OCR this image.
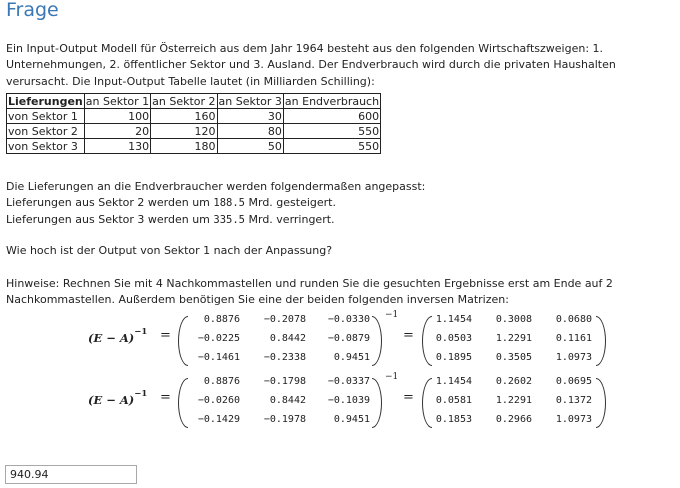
Frage

Ein Input-Output Modell für Österreich aus dem Jahr 1964 besteht aus den folgenden Wirtschaftszweigen: 1. Unternehmungen, 2. öffentlicher Sektor und 3. Ausland. Der Endverbrauch wird durch die privaten Haushalten verursacht. Die Input-Output Tabelle lautet (in Milliarden Schilling):

Lieferungen	an Sektor 1	an Sektor 2	an Sektor 3	an Endverbrauch
von Sektor 1	100	160	30	600
von Sektor 2	20	120	80	550
von Sektor 3	130	180	50	550
Die Lieferungen an die Endverbraucher werden folgendermaßen angepasst:
Lieferungen aus Sektor 2 werden um 188.5 Mrd. gesteigert.
Lieferungen aus Sektor 3 werden um 335.5 Mrd. verringert.

Wie hoch ist der Output von Sektor 1 nach der Anpassung?

Hinweise: Rechnen Sie mit 4 Nachkommastellen und runden Sie die gesuchten Ergebnisse erst am Ende auf 2 Nachkommastellen. Außerdem benötigen Sie eine der beiden folgenden inversen Matrizen:

$(E - A)^{-1}$ =
−1
=
0.8876 −0.2078 −0.0330
−0.0225	0.8442 −0.0879
−0.1461 −0.2338	0.9451
1.1454 0.3008 0.0680
0.0503 1.2291 0.1161
0.1895 0.3505 1.0973
$(E - A)^{-1}$ =
−1
=
0.8876 −0.1798 −0.0337
−0.0260	0.8442 −0.1039
−0.1429 −0.1978	0.9451
1.1454 0.2602 0.0695
0.0581 1.2291 0.1372
0.1853 0.2966 1.0973
940.94
